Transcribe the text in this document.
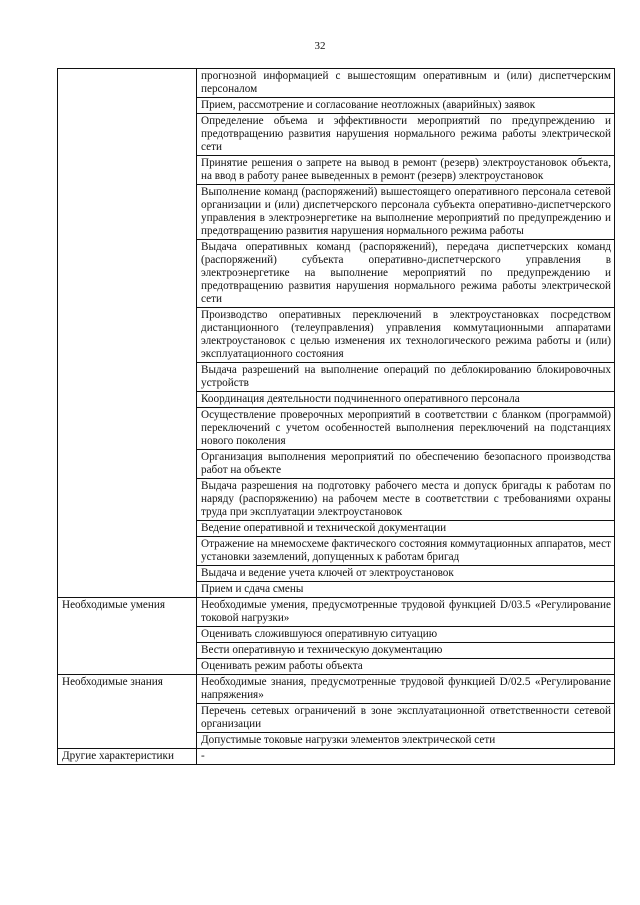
32
	прогнозной информацией с вышестоящим оперативным и (или) диспетчерским персоналом
	Прием, рассмотрение и согласование неотложных (аварийных) заявок
	Определение объема и эффективности мероприятий по предупреждению и предотвращению развития нарушения нормального режима работы электрической сети
	Принятие решения о запрете на вывод в ремонт (резерв) электроустановок объекта, на ввод в работу ранее выведенных в ремонт (резерв) электроустановок
	Выполнение команд (распоряжений) вышестоящего оперативного персонала сетевой организации и (или) диспетчерского персонала субъекта оперативно-диспетчерского управления в электроэнергетике на выполнение мероприятий по предупреждению и предотвращению развития нарушения нормального режима работы
	Выдача оперативных команд (распоряжений), передача диспетчерских команд (распоряжений) субъекта оперативно-диспетчерского управления в электроэнергетике на выполнение мероприятий по предупреждению и предотвращению развития нарушения нормального режима работы электрической сети
	Производство оперативных переключений в электроустановках посредством дистанционного (телеуправления) управления коммутационными аппаратами электроустановок с целью изменения их технологического режима работы и (или) эксплуатационного состояния
	Выдача разрешений на выполнение операций по деблокированию блокировочных устройств
	Координация деятельности подчиненного оперативного персонала
	Осуществление проверочных мероприятий в соответствии с бланком (программой) переключений с учетом особенностей выполнения переключений на подстанциях нового поколения
	Организация выполнения мероприятий по обеспечению безопасного производства работ на объекте
	Выдача разрешения на подготовку рабочего места и допуск бригады к работам по наряду (распоряжению) на рабочем месте в соответствии с требованиями охраны труда при эксплуатации электроустановок
	Ведение оперативной и технической документации
	Отражение на мнемосхеме фактического состояния коммутационных аппаратов, мест установки заземлений, допущенных к работам бригад
	Выдача и ведение учета ключей от электроустановок
	Прием и сдача смены
Необходимые умения	Необходимые умения, предусмотренные трудовой функцией D/03.5 «Регулирование токовой нагрузки»
	Оценивать сложившуюся оперативную ситуацию
	Вести оперативную и техническую документацию
	Оценивать режим работы объекта
Необходимые знания	Необходимые знания, предусмотренные трудовой функцией D/02.5 «Регулирование напряжения»
	Перечень сетевых ограничений в зоне эксплуатационной ответственности сетевой организации
	Допустимые токовые нагрузки элементов электрической сети
Другие характеристики	-
